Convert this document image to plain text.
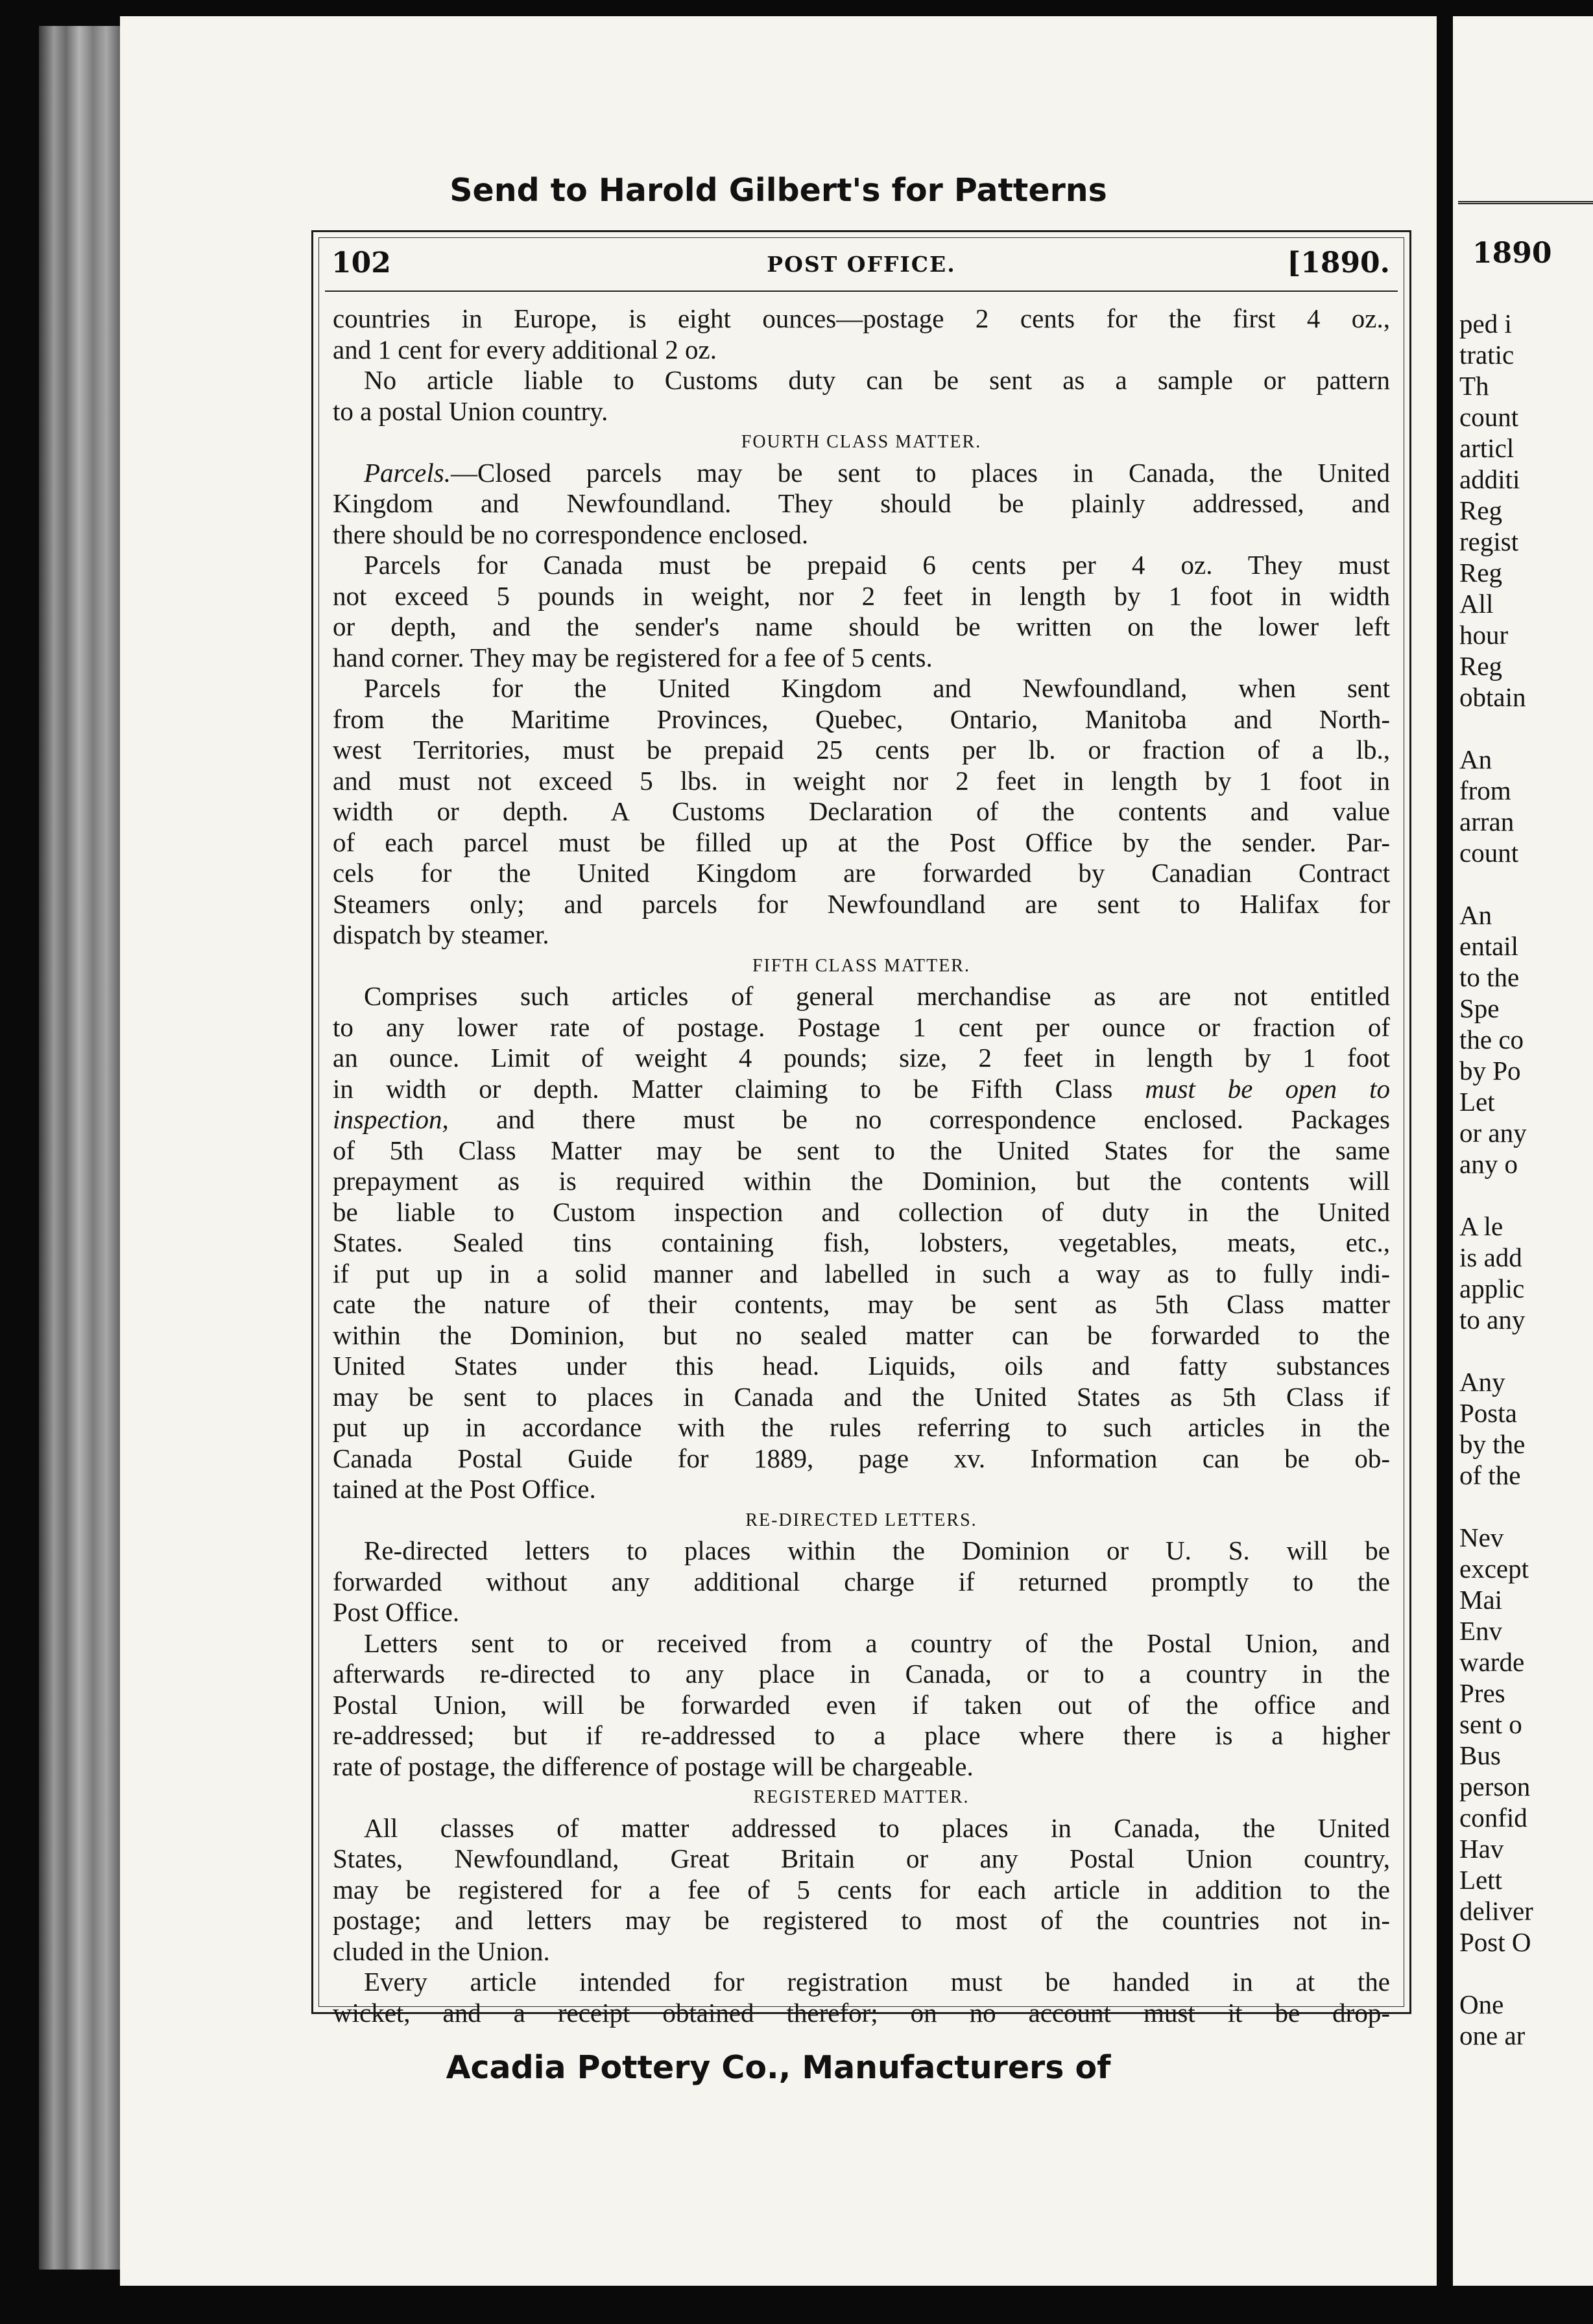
Send to Harold Gilbert's for Patterns

102	POST OFFICE.	[1890.

countries in Europe, is eight ounces—postage 2 cents for the first 4 oz.,
and 1 cent for every additional 2 oz.
No article liable to Customs duty can be sent as a sample or pattern
to a postal Union country.
FOURTH CLASS MATTER.
Parcels.—Closed parcels may be sent to places in Canada, the United
Kingdom and Newfoundland. They should be plainly addressed, and
there should be no correspondence enclosed.
Parcels for Canada must be prepaid 6 cents per 4 oz. They must
not exceed 5 pounds in weight, nor 2 feet in length by 1 foot in width
or depth, and the sender's name should be written on the lower left
hand corner. They may be registered for a fee of 5 cents.
Parcels for the United Kingdom and Newfoundland, when sent
from the Maritime Provinces, Quebec, Ontario, Manitoba and North-
west Territories, must be prepaid 25 cents per lb. or fraction of a lb.,
and must not exceed 5 lbs. in weight nor 2 feet in length by 1 foot in
width or depth. A Customs Declaration of the contents and value
of each parcel must be filled up at the Post Office by the sender. Par-
cels for the United Kingdom are forwarded by Canadian Contract
Steamers only; and parcels for Newfoundland are sent to Halifax for
dispatch by steamer.
FIFTH CLASS MATTER.
Comprises such articles of general merchandise as are not entitled
to any lower rate of postage. Postage 1 cent per ounce or fraction of
an ounce. Limit of weight 4 pounds; size, 2 feet in length by 1 foot
in width or depth. Matter claiming to be Fifth Class must be open to
inspection, and there must be no correspondence enclosed. Packages
of 5th Class Matter may be sent to the United States for the same
prepayment as is required within the Dominion, but the contents will
be liable to Custom inspection and collection of duty in the United
States. Sealed tins containing fish, lobsters, vegetables, meats, etc.,
if put up in a solid manner and labelled in such a way as to fully indi-
cate the nature of their contents, may be sent as 5th Class matter
within the Dominion, but no sealed matter can be forwarded to the
United States under this head. Liquids, oils and fatty substances
may be sent to places in Canada and the United States as 5th Class if
put up in accordance with the rules referring to such articles in the
Canada Postal Guide for 1889, page xv. Information can be ob-
tained at the Post Office.
RE-DIRECTED LETTERS.
Re-directed letters to places within the Dominion or U. S. will be
forwarded without any additional charge if returned promptly to the
Post Office.
Letters sent to or received from a country of the Postal Union, and
afterwards re-directed to any place in Canada, or to a country in the
Postal Union, will be forwarded even if taken out of the office and
re-addressed; but if re-addressed to a place where there is a higher
rate of postage, the difference of postage will be chargeable.
REGISTERED MATTER.
All classes of matter addressed to places in Canada, the United
States, Newfoundland, Great Britain or any Postal Union country,
may be registered for a fee of 5 cents for each article in addition to the
postage; and letters may be registered to most of the countries not in-
cluded in the Union.
Every article intended for registration must be handed in at the
wicket, and a receipt obtained therefor; on no account must it be drop-

Acadia Pottery Co., Manufacturers of

1890

ped i
tratic
Th
count
articl
additi
Reg
regist
Reg
All
hour
Reg
obtain
An
from
arran
count
An
entail
to the
Spe
the co
by Po
Let
or any
any o
A le
is add
applic
to any
Any
Posta
by the
of the
Nev
except
Mai
Env
warde
Pres
sent o
Bus
person
confid
Hav
Lett
deliver
Post O
One
one ar
